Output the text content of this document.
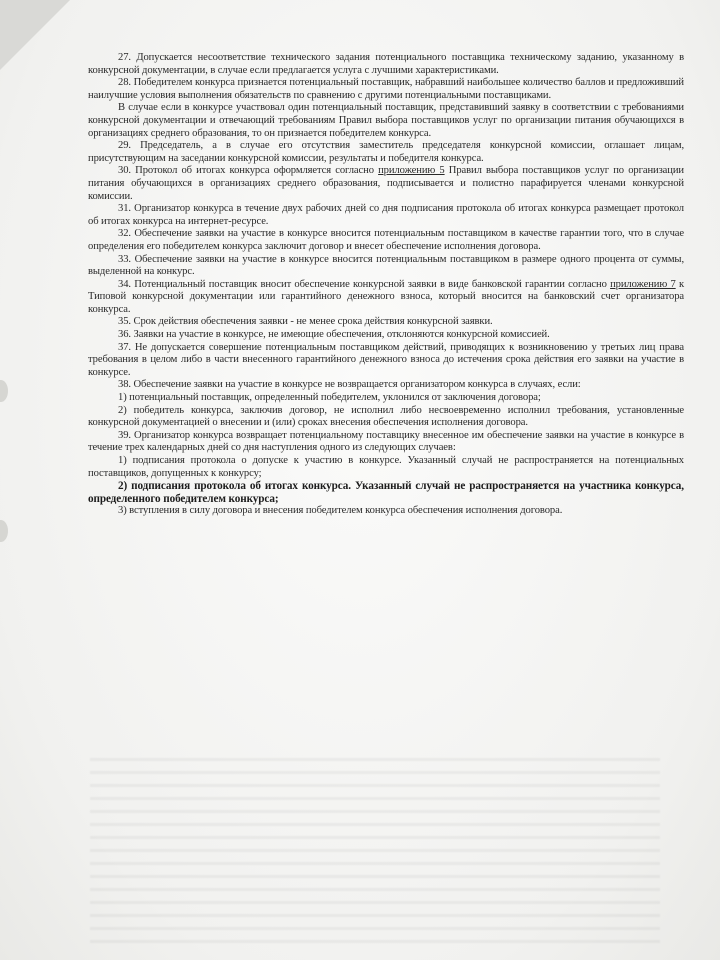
27. Допускается несоответствие технического задания потенциального поставщика техническому заданию, указанному в конкурсной документации, в случае если предлагается услуга с лучшими характеристиками.

28. Победителем конкурса признается потенциальный поставщик, набравший наибольшее количество баллов и предложивший наилучшие условия выполнения обязательств по сравнению с другими потенциальными поставщиками.

В случае если в конкурсе участвовал один потенциальный поставщик, представивший заявку в соответствии с требованиями конкурсной документации и отвечающий требованиям Правил выбора поставщиков услуг по организации питания обучающихся в организациях среднего образования, то он признается победителем конкурса.

29. Председатель, а в случае его отсутствия заместитель председателя конкурсной комиссии, оглашает лицам, присутствующим на заседании конкурсной комиссии, результаты и победителя конкурса.

30. Протокол об итогах конкурса оформляется согласно приложению 5 Правил выбора поставщиков услуг по организации питания обучающихся в организациях среднего образования, подписывается и полистно парафируется членами конкурсной комиссии.

31. Организатор конкурса в течение двух рабочих дней со дня подписания протокола об итогах конкурса размещает протокол об итогах конкурса на интернет-ресурсе.

32. Обеспечение заявки на участие в конкурсе вносится потенциальным поставщиком в качестве гарантии того, что в случае определения его победителем конкурса заключит договор и внесет обеспечение исполнения договора.

33. Обеспечение заявки на участие в конкурсе вносится потенциальным поставщиком в размере одного процента от суммы, выделенной на конкурс.

34. Потенциальный поставщик вносит обеспечение конкурсной заявки в виде банковской гарантии согласно приложению 7 к Типовой конкурсной документации или гарантийного денежного взноса, который вносится на банковский счет организатора конкурса.

35. Срок действия обеспечения заявки - не менее срока действия конкурсной заявки.

36. Заявки на участие в конкурсе, не имеющие обеспечения, отклоняются конкурсной комиссией.

37. Не допускается совершение потенциальным поставщиком действий, приводящих к возникновению у третьих лиц права требования в целом либо в части внесенного гарантийного денежного взноса до истечения срока действия его заявки на участие в конкурсе.

38. Обеспечение заявки на участие в конкурсе не возвращается организатором конкурса в случаях, если:

1) потенциальный поставщик, определенный победителем, уклонился от заключения договора;

2) победитель конкурса, заключив договор, не исполнил либо несвоевременно исполнил требования, установленные конкурсной документацией о внесении и (или) сроках внесения обеспечения исполнения договора.

39. Организатор конкурса возвращает потенциальному поставщику внесенное им обеспечение заявки на участие в конкурсе в течение трех календарных дней со дня наступления одного из следующих случаев:

1) подписания протокола о допуске к участию в конкурсе. Указанный случай не распространяется на потенциальных поставщиков, допущенных к конкурсу;

2) подписания протокола об итогах конкурса. Указанный случай не распространяется на участника конкурса, определенного победителем конкурса;

3) вступления в силу договора и внесения победителем конкурса обеспечения исполнения договора.
